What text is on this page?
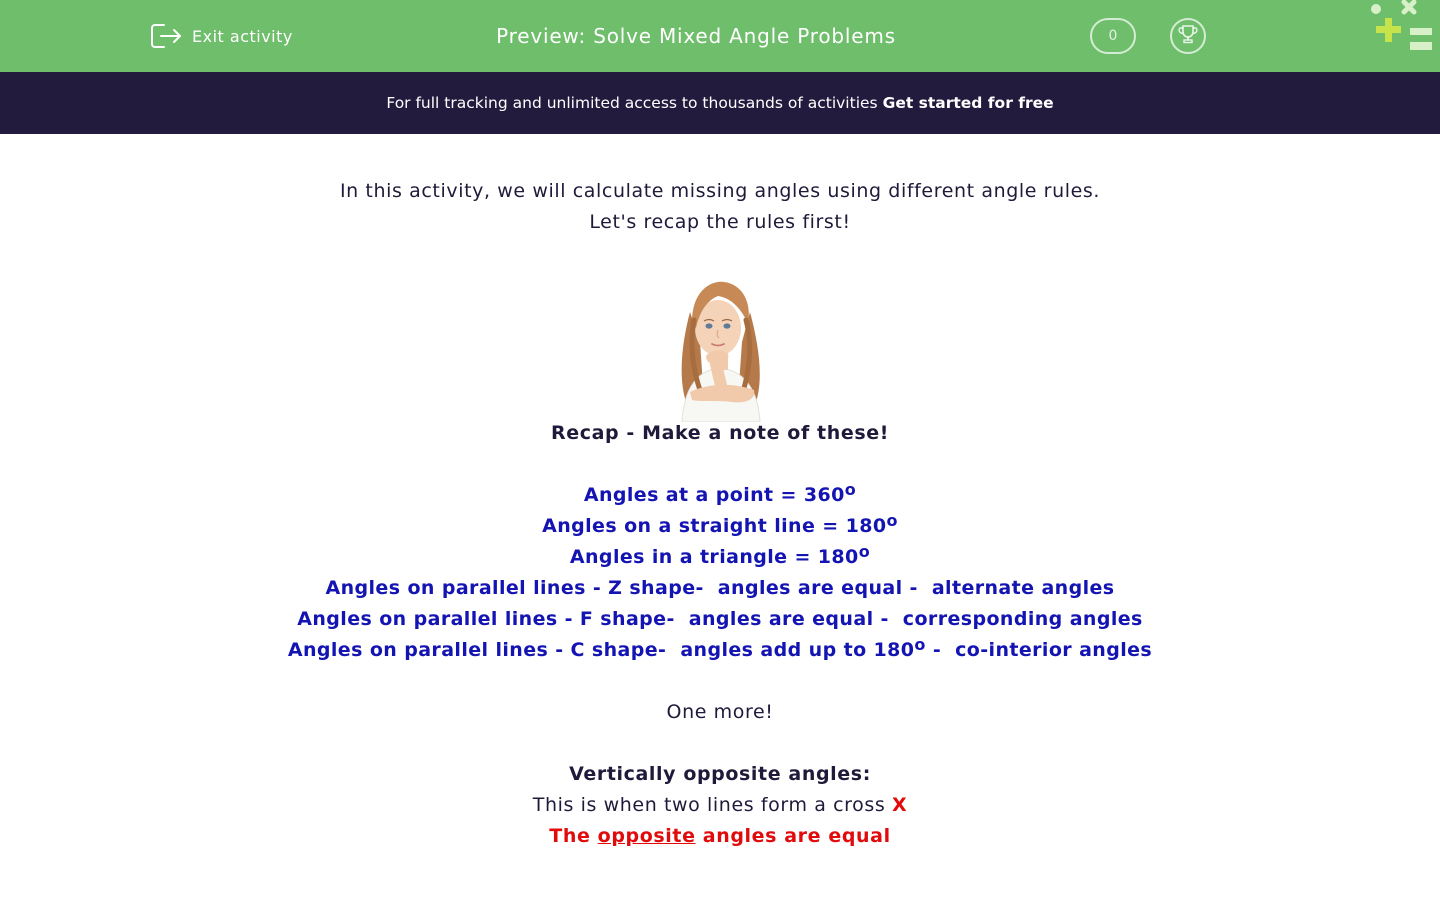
Exit activity	Preview: Solve Mixed Angle Problems	0
For full tracking and unlimited access to thousands of activities Get started for free
In this activity, we will calculate missing angles using different angle rules.
Let's recap the rules first!
Recap - Make a note of these!
Angles at a point = $360^o$
Angles on a straight line = $180^o$
Angles in a triangle = $180^o$
Angles on parallel lines - Z shape-  angles are equal -  alternate angles
Angles on parallel lines - F shape-  angles are equal -  corresponding angles
Angles on parallel lines - C shape-  angles add up to 180$^o$ -  co-interior angles
One more!
Vertically opposite angles:
This is when two lines form a cross X
The opposite angles are equal
